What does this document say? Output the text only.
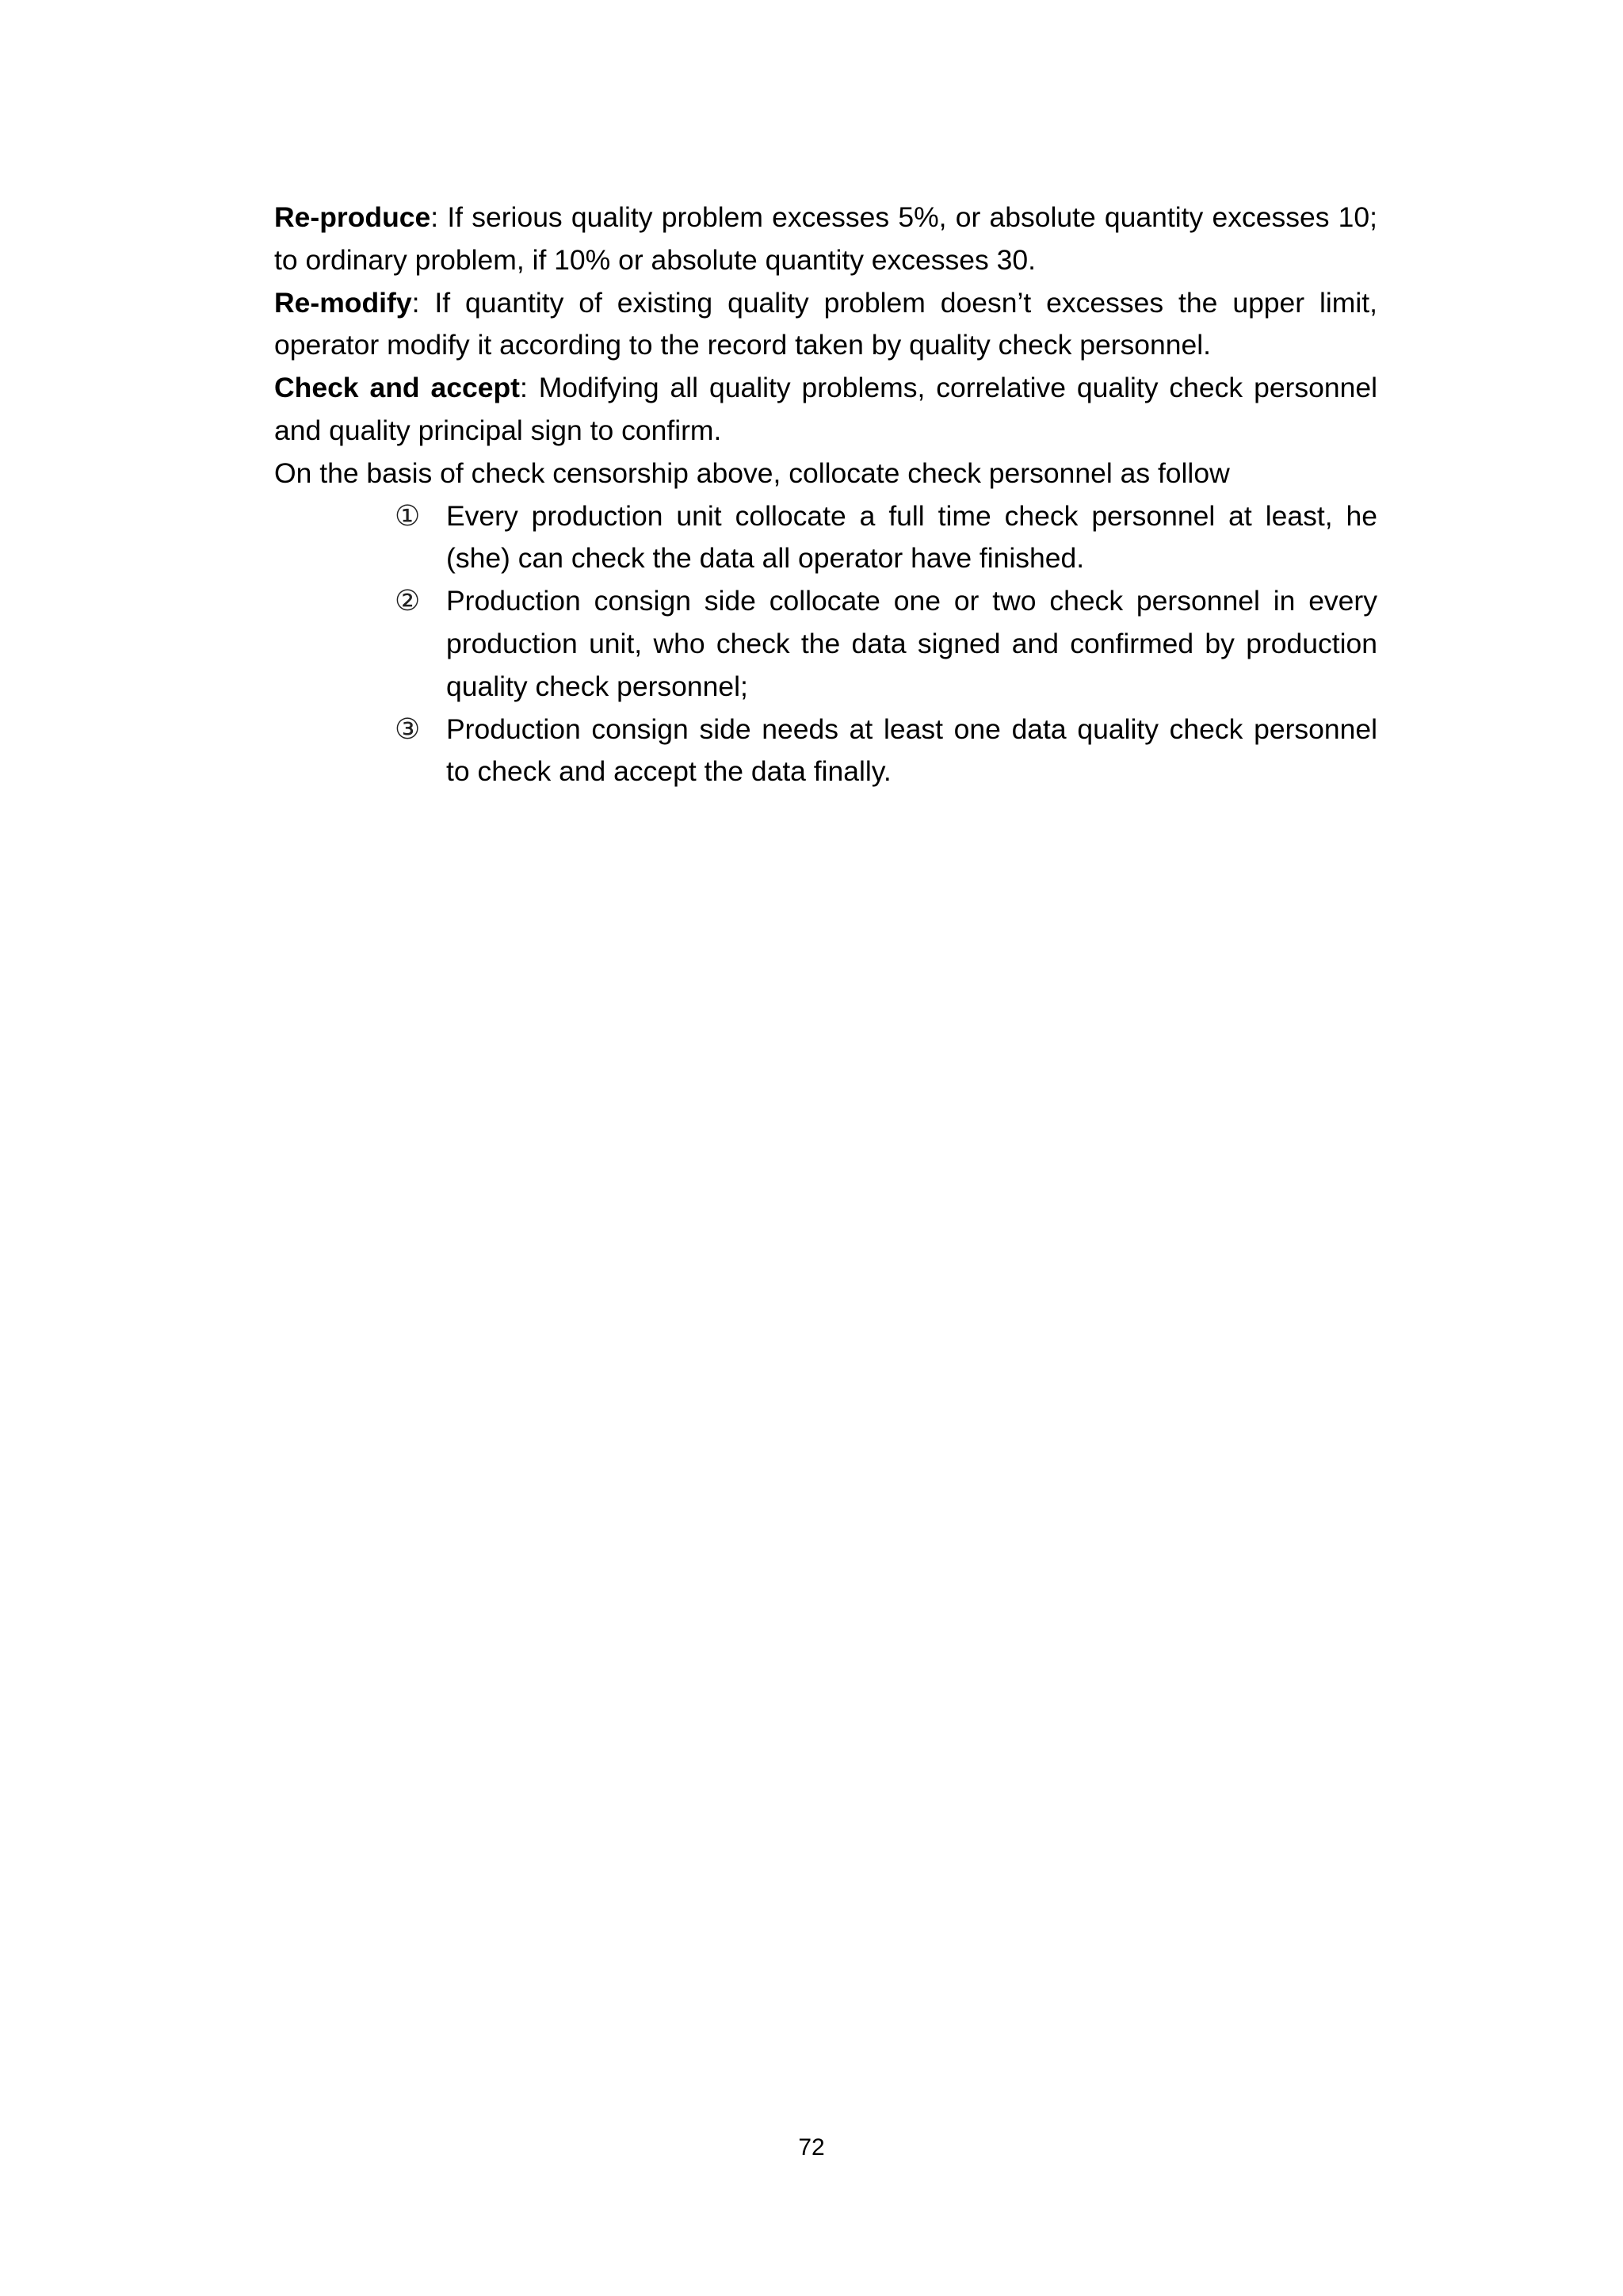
Re-produce: If serious quality problem excesses 5%, or absolute quantity excesses 10; to ordinary problem, if 10% or absolute quantity excesses 30.

Re-modify: If quantity of existing quality problem doesn’t excesses the upper limit, operator modify it according to the record taken by quality check personnel.

Check and accept: Modifying all quality problems, correlative quality check personnel and quality principal sign to confirm.

On the basis of check censorship above, collocate check personnel as follow

① Every production unit collocate a full time check personnel at least, he (she) can check the data all operator have finished.
② Production consign side collocate one or two check personnel in every production unit, who check the data signed and confirmed by production quality check personnel;
③ Production consign side needs at least one data quality check personnel to check and accept the data finally.
72
